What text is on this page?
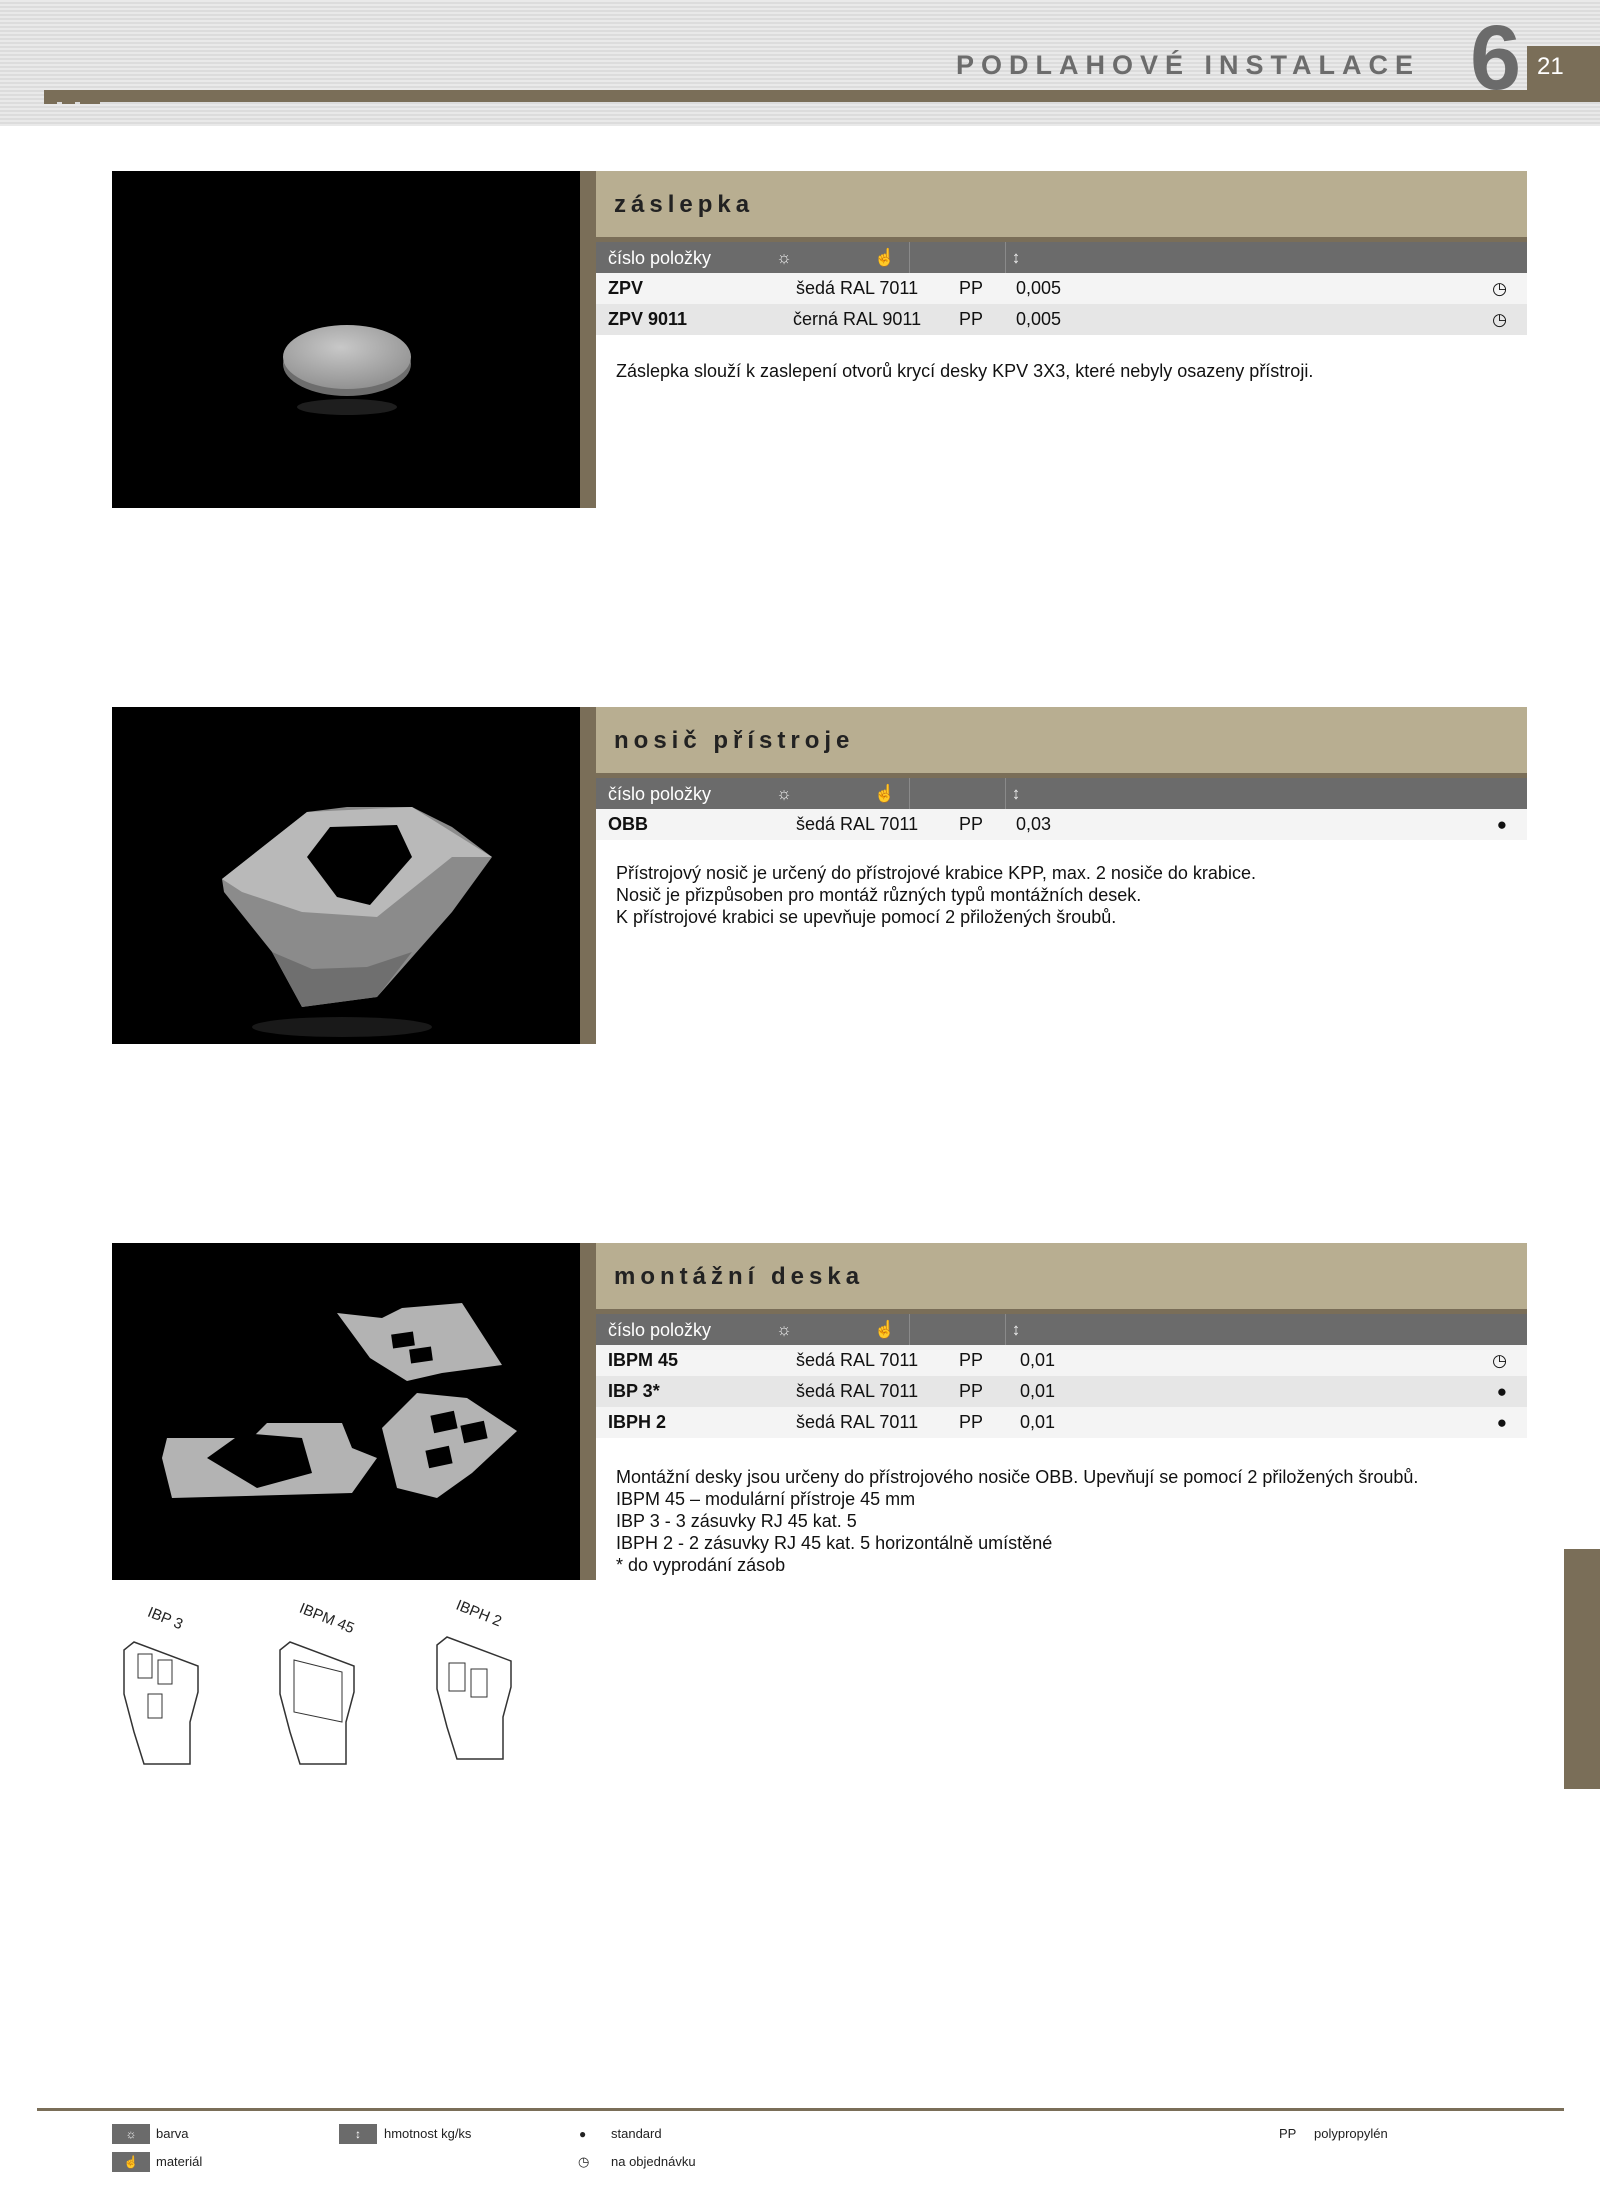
PODLAHOVÉ INSTALACE 6 21
záslepka
číslo položky	☼	☝	↕
ZPV	šedá RAL 7011 PP 0,005	◷
ZPV 9011	černá RAL 9011 PP 0,005	◷
Záslepka slouží k zaslepení otvorů krycí desky KPV 3X3, které nebyly osazeny přístroji.
nosič přístroje
číslo položky	☼	☝	↕
OBB	šedá RAL 7011 PP 0,03	●
Přístrojový nosič je určený do přístrojové krabice KPP, max. 2 nosiče do krabice.
Nosič je přizpůsoben pro montáž různých typů montážních desek.
K přístrojové krabici se upevňuje pomocí 2 přiložených šroubů.
montážní deska
číslo položky	☼	☝	↕
IBPM 45	šedá RAL 7011 PP 0,01	◷
IBP 3*	šedá RAL 7011 PP 0,01	●
IBPH 2	šedá RAL 7011 PP 0,01	●
Montážní desky jsou určeny do přístrojového nosiče OBB. Upevňují se pomocí 2 přiložených šroubů.
IBPM 45 – modulární přístroje 45 mm
IBP 3 - 3 zásuvky RJ 45 kat. 5
IBPH 2 - 2 zásuvky RJ 45 kat. 5 horizontálně umístěné
* do vyprodání zásob
IBP 3	IBPM 45	IBPH 2
☼	barva
☝	materiál
↕	hmotnost kg/ks	● standard
◷ na objednávku
PP polypropylén
